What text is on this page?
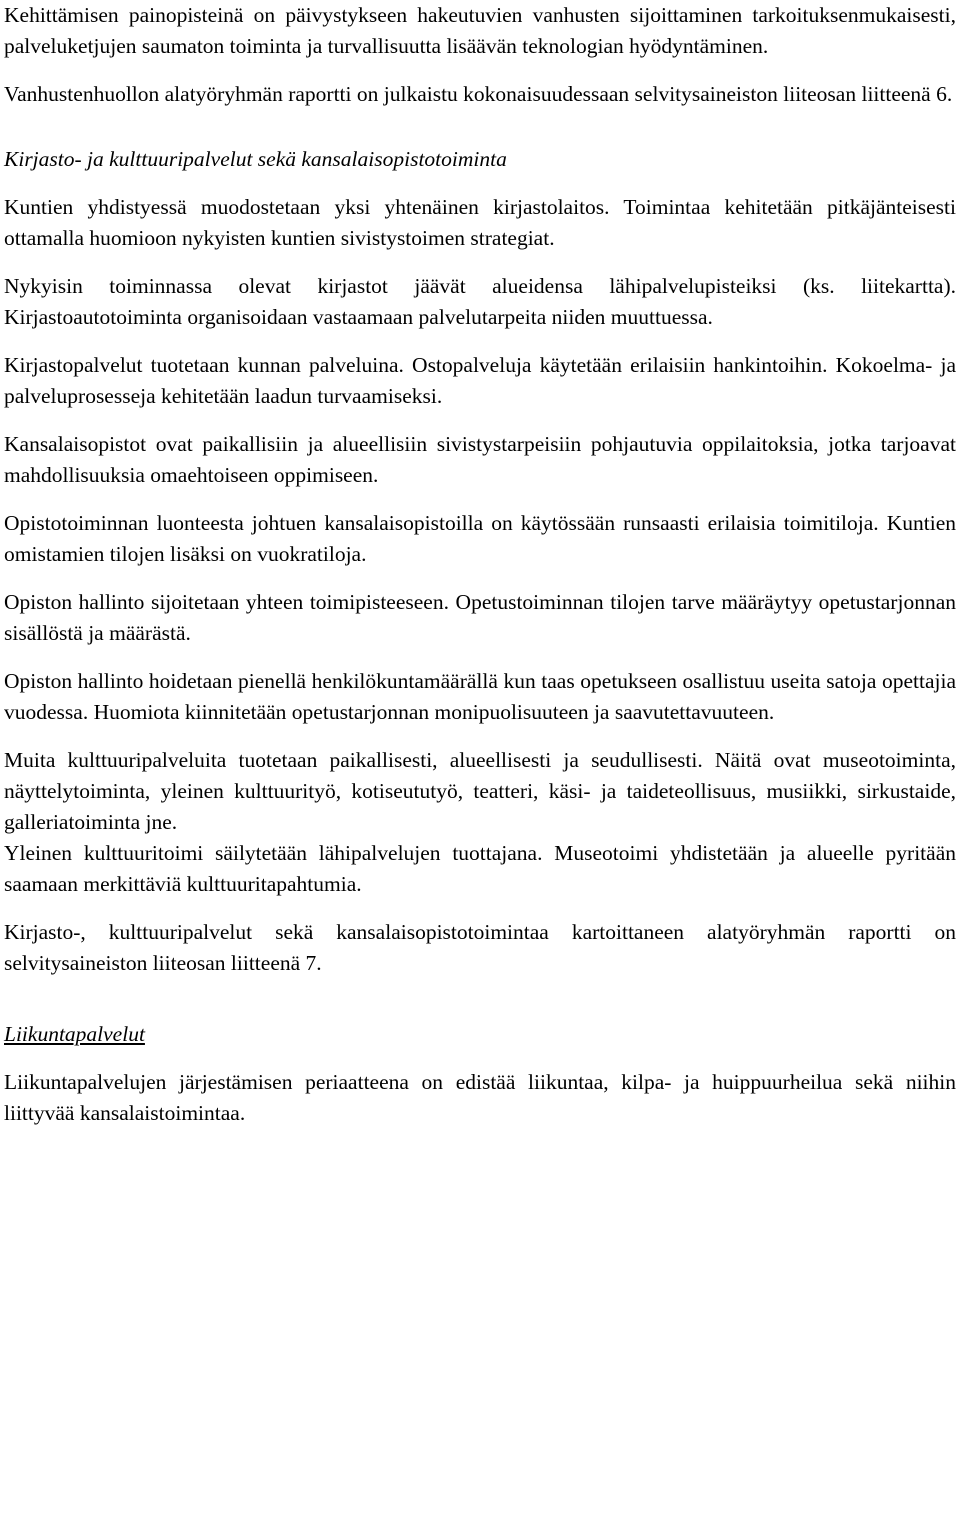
Kehittämisen painopisteinä on päivystykseen hakeutuvien vanhusten sijoittaminen tarkoituksenmukaisesti, palveluketjujen saumaton toiminta ja turvallisuutta lisäävän teknologian hyödyntäminen.

Vanhustenhuollon alatyöryhmän raportti on julkaistu kokonaisuudessaan selvitysaineiston liiteosan liitteenä 6.

Kirjasto- ja kulttuuripalvelut sekä kansalaisopistotoiminta

Kuntien yhdistyessä muodostetaan yksi yhtenäinen kirjastolaitos. Toimintaa kehitetään pitkäjänteisesti ottamalla huomioon nykyisten kuntien sivistystoimen strategiat.

Nykyisin toiminnassa olevat kirjastot jäävät alueidensa lähipalvelupisteiksi (ks. liitekartta). Kirjastoautotoiminta organisoidaan vastaamaan palvelutarpeita niiden muuttuessa.

Kirjastopalvelut tuotetaan kunnan palveluina. Ostopalveluja käytetään erilaisiin hankintoihin. Kokoelma- ja palveluprosesseja kehitetään laadun turvaamiseksi.

Kansalaisopistot ovat paikallisiin ja alueellisiin sivistystarpeisiin pohjautuvia oppilaitoksia, jotka tarjoavat mahdollisuuksia omaehtoiseen oppimiseen.

Opistotoiminnan luonteesta johtuen kansalaisopistoilla on käytössään runsaasti erilaisia toimitiloja. Kuntien omistamien tilojen lisäksi on vuokratiloja.

Opiston hallinto sijoitetaan yhteen toimipisteeseen. Opetustoiminnan tilojen tarve määräytyy opetustarjonnan sisällöstä ja määrästä.

Opiston hallinto hoidetaan pienellä henkilökuntamäärällä kun taas opetukseen osallistuu useita satoja opettajia vuodessa. Huomiota kiinnitetään opetustarjonnan monipuolisuuteen ja saavutettavuuteen.

Muita kulttuuripalveluita tuotetaan paikallisesti, alueellisesti ja seudullisesti. Näitä ovat museotoiminta, näyttelytoiminta, yleinen kulttuurityö, kotiseututyö, teatteri, käsi- ja taideteollisuus, musiikki, sirkustaide, galleriatoiminta jne.

Yleinen kulttuuritoimi säilytetään lähipalvelujen tuottajana. Museotoimi yhdistetään ja alueelle pyritään saamaan merkittäviä kulttuuritapahtumia.

Kirjasto-, kulttuuripalvelut sekä kansalaisopistotoimintaa kartoittaneen alatyöryhmän raportti on selvitysaineiston liiteosan liitteenä 7.

Liikuntapalvelut

Liikuntapalvelujen järjestämisen periaatteena on edistää liikuntaa, kilpa- ja huippuurheilua sekä niihin liittyvää kansalaistoimintaa.
